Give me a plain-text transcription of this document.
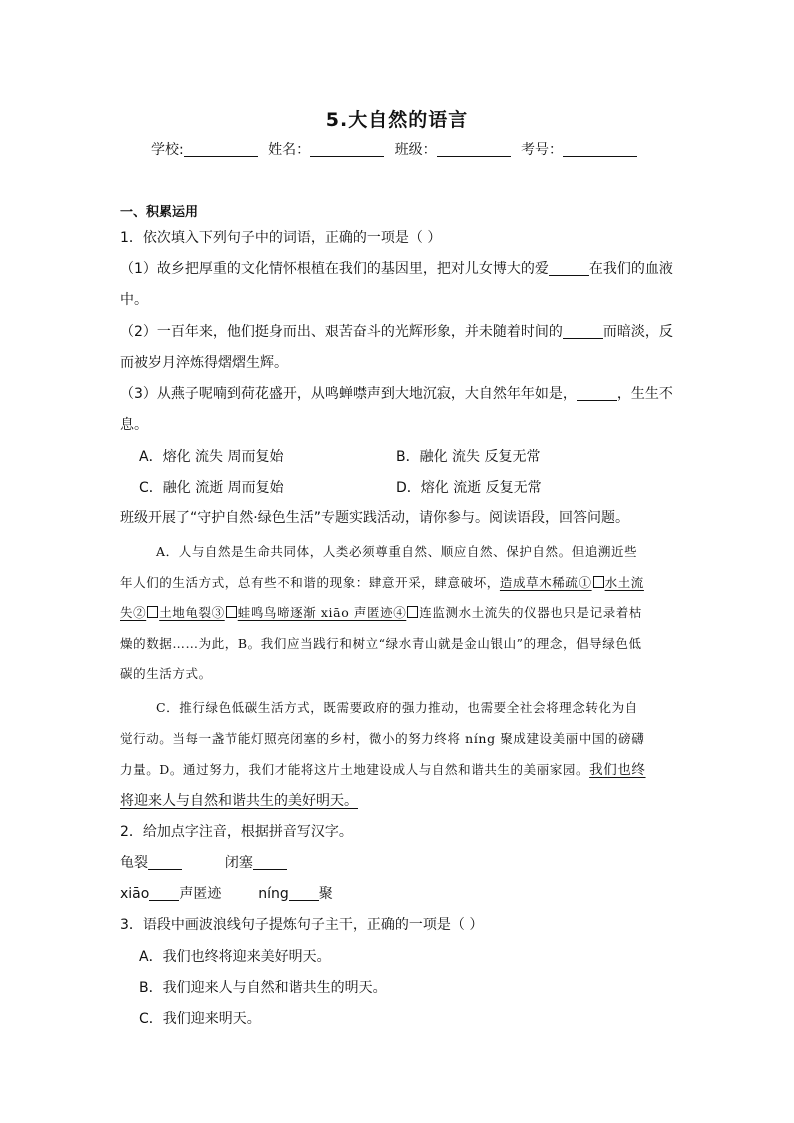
5.大自然的语言
学校:	姓名：	班级：	考号：
一、积累运用
1．依次填入下列句子中的词语，正确的一项是（ ）
（1）故乡把厚重的文化情怀根植在我们的基因里，把对儿女博大的爱	在我们的血液
中。
（2）一百年来，他们挺身而出、艰苦奋斗的光辉形象，并未随着时间的	而暗淡，反
而被岁月淬炼得熠熠生辉。
（3）从燕子呢喃到荷花盛开，从鸣蝉噤声到大地沉寂，大自然年年如是，	，生生不
息。
A．熔化 流失 周而复始	B．融化 流失 反复无常
C．融化 流逝 周而复始	D．熔化 流逝 反复无常
班级开展了“守护自然·绿色生活”专题实践活动，请你参与。阅读语段，回答问题。
A．人与自然是生命共同体，人类必须尊重自然、顺应自然、保护自然。但追溯近些
年人们的生活方式，总有些不和谐的现象：肆意开采，肆意破坏，造成草木稀疏① 水土流
失② 土地龟裂③ 蛙鸣鸟啼逐渐 xiāo 声匿迹④ 连监测水土流失的仪器也只是记录着枯
燥的数据……为此，B。我们应当践行和树立“绿水青山就是金山银山”的理念，倡导绿色低
碳的生活方式。
C．推行绿色低碳生活方式，既需要政府的强力推动，也需要全社会将理念转化为自
觉行动。当每一盏节能灯照亮闭塞的乡村，微小的努力终将 níng 聚成建设美丽中国的磅礴
力量。D。通过努力，我们才能将这片土地建设成人与自然和谐共生的美丽家园。我们也终
将迎来人与自然和谐共生的美好明天。
2．给加点字注音，根据拼音写汉字。
龟裂	闭塞
xiāo 声匿迹	níng 聚
3．语段中画波浪线句子提炼句子主干，正确的一项是（ ）
A．我们也终将迎来美好明天。
B．我们迎来人与自然和谐共生的明天。
C．我们迎来明天。
